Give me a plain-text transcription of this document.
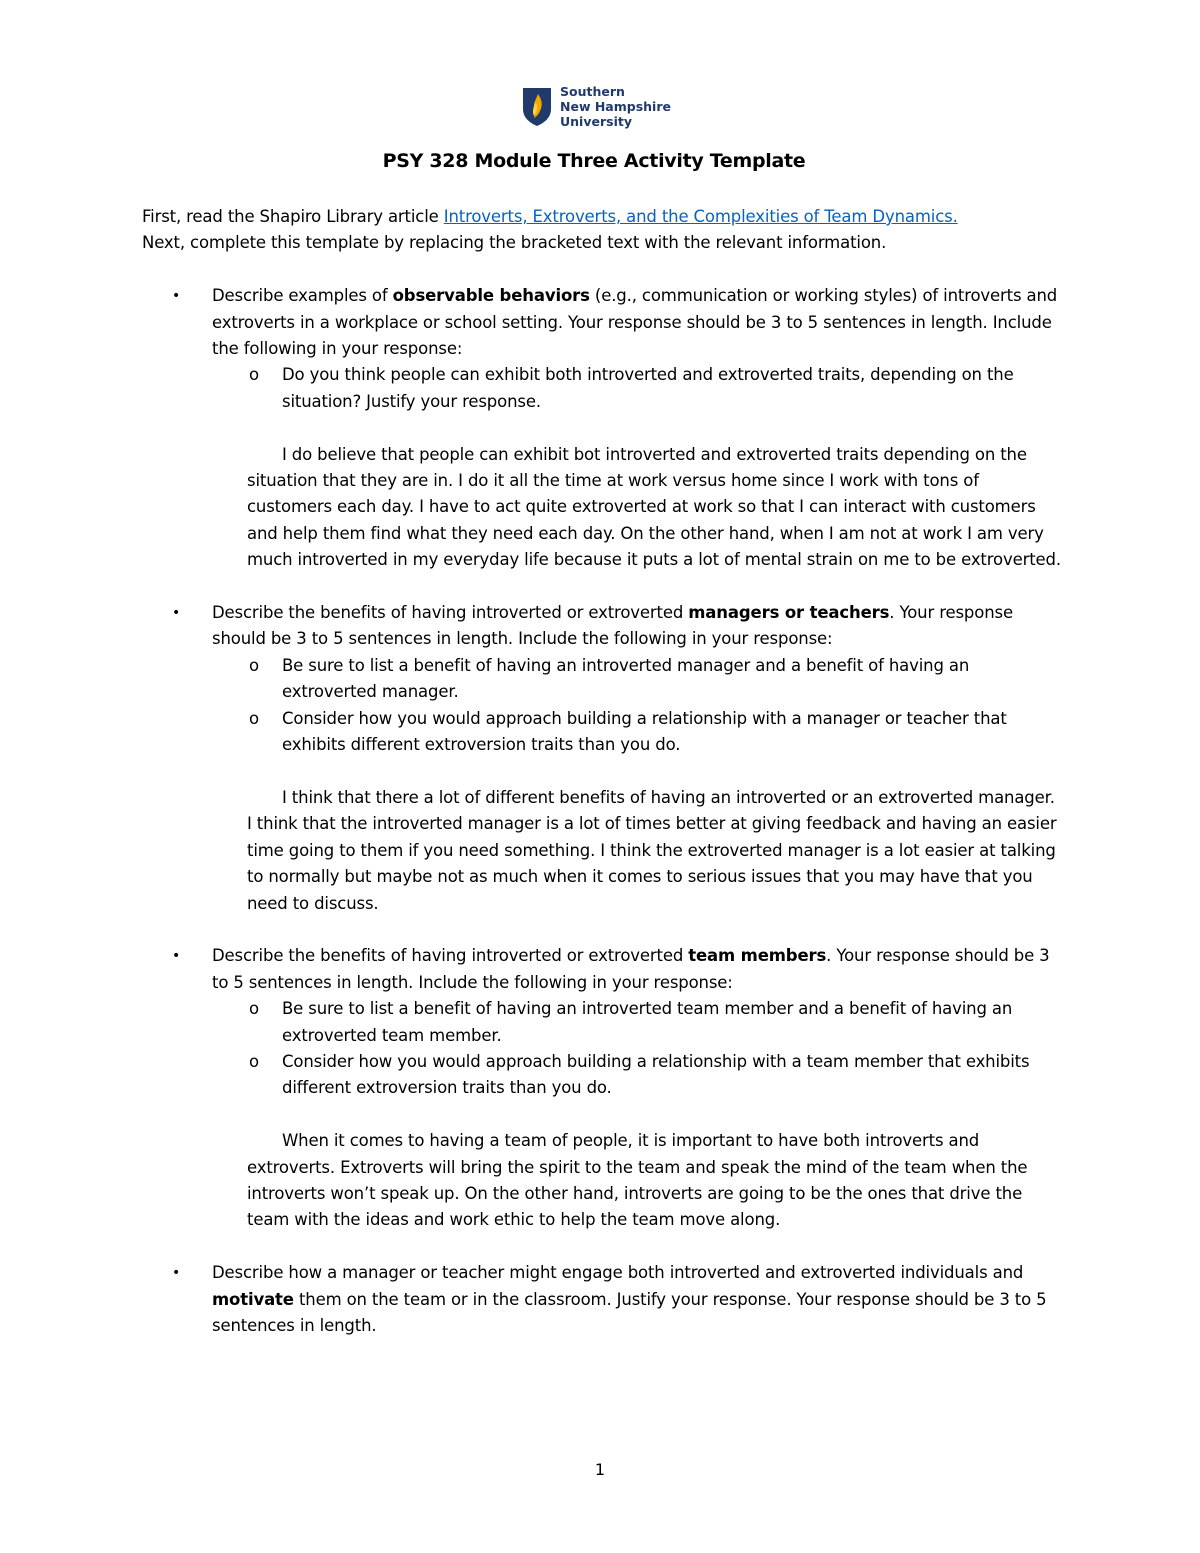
Southern
New Hampshire
University
PSY 328 Module Three Activity Template
First, read the Shapiro Library article Introverts, Extroverts, and the Complexities of Team Dynamics.
Next, complete this template by replacing the bracketed text with the relevant information.
• Describe examples of observable behaviors (e.g., communication or working styles) of introverts and extroverts in a workplace or school setting. Your response should be 3 to 5 sentences in length. Include the following in your response:
o Do you think people can exhibit both introverted and extroverted traits, depending on the situation? Justify your response.
I do believe that people can exhibit bot introverted and extroverted traits depending on the situation that they are in. I do it all the time at work versus home since I work with tons of customers each day. I have to act quite extroverted at work so that I can interact with customers and help them find what they need each day. On the other hand, when I am not at work I am very much introverted in my everyday life because it puts a lot of mental strain on me to be extroverted.
• Describe the benefits of having introverted or extroverted managers or teachers. Your response should be 3 to 5 sentences in length. Include the following in your response:
o Be sure to list a benefit of having an introverted manager and a benefit of having an extroverted manager.
o Consider how you would approach building a relationship with a manager or teacher that exhibits different extroversion traits than you do.
I think that there a lot of different benefits of having an introverted or an extroverted manager. I think that the introverted manager is a lot of times better at giving feedback and having an easier time going to them if you need something. I think the extroverted manager is a lot easier at talking to normally but maybe not as much when it comes to serious issues that you may have that you need to discuss.
• Describe the benefits of having introverted or extroverted team members. Your response should be 3 to 5 sentences in length. Include the following in your response:
o Be sure to list a benefit of having an introverted team member and a benefit of having an extroverted team member.
o Consider how you would approach building a relationship with a team member that exhibits different extroversion traits than you do.
When it comes to having a team of people, it is important to have both introverts and extroverts. Extroverts will bring the spirit to the team and speak the mind of the team when the introverts won’t speak up. On the other hand, introverts are going to be the ones that drive the team with the ideas and work ethic to help the team move along.
• Describe how a manager or teacher might engage both introverted and extroverted individuals and motivate them on the team or in the classroom. Justify your response. Your response should be 3 to 5 sentences in length.
1
